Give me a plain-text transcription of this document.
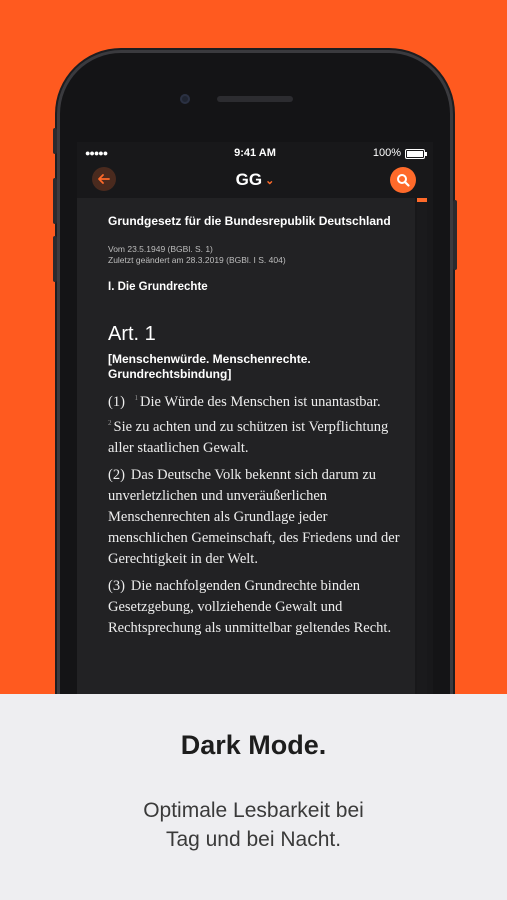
●●●●●	9:41 AM	100%
GG ⌄

Grundgesetz für die Bundesrepublik Deutschland

Vom 23.5.1949 (BGBl. S. 1)
Zuletzt geändert am 28.3.2019 (BGBl. I S. 404)
I. Die Grundrechte
Art. 1
[Menschenwürde. Menschenrechte. Grundrechtsbindung]
(1) $^1$ Die Würde des Menschen ist unantastbar. $^2$ Sie zu achten und zu schützen ist Verpflichtung aller staatlichen Gewalt.
(2) Das Deutsche Volk bekennt sich darum zu unverletzlichen und unveräußerlichen Menschenrechten als Grundlage jeder menschlichen Gemeinschaft, des Friedens und der Gerechtigkeit in der Welt.
(3) Die nachfolgenden Grundrechte binden Gesetzgebung, vollziehende Gewalt und Rechtsprechung als unmittelbar geltendes Recht.
Dark Mode.
Optimale Lesbarkeit bei
Tag und bei Nacht.
